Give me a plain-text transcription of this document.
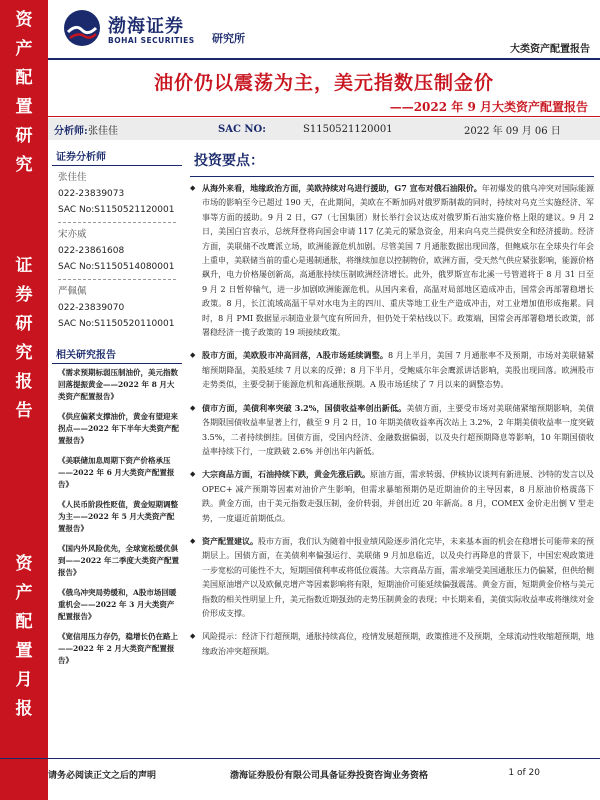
资
产
配
置
研
究
证
券
研
究
报
告
资
产
配
置
月
报
渤海证券
BOHAI SECURITIES 研究所
大类资产配置报告
油价仍以震荡为主，美元指数压制金价
——2022 年 9 月大类资产配置报告
分析师: 张佳佳	SAC NO:	S1150521120001	2022 年 09 月 06 日
证券分析师
张佳佳
022-23839073
SAC No:S1150521120001
宋亦威
022-23861608
SAC No:S1150514080001
严佩佩
022-23839070
SAC No:S1150520110001
相关研究报告
《需求预期标弱压制油价，美元指数回落提振黄金——2022 年 8 月大类资产配置报告》
《供应偏紧支撑油价，黄金有望迎来拐点——2022 年下半年大类资产配置报告》
《美联储加息周期下资产价格承压——2022 年 6 月大类资产配置报告》
《人民币阶段性贬值，黄金短期调整为主——2022 年 5 月大类资产配置报告》
《国内外风险优先，全球宽松缓优俱到——2022 年二季度大类资产配置报告》
《俄乌冲突局势缓和，A股市场回暖重机会——2022 年 3 月大类资产配置报告》
《宽信用压力存仍，稳增长仍在路上——2022 年 2 月大类资产配置报告》
投资要点：
◆ 从海外来看，地缘政治方面，美欧持续对乌进行援助，G7 宣布对俄石油限价。年初爆发的俄乌冲突对国际能源市场的影响至今已超过 190 天，在此期间，美欧在不断加码对俄罗斯制裁的同时，持续对乌克兰实施经济、军事等方面的援助。9 月 2 日，G7（七国集团）财长举行会议达成对俄罗斯石油实施价格上限的建议。9 月 2 日，美国白宫表示，总统拜登将向国会申请 117 亿美元的紧急资金，用来向乌克兰提供安全和经济援助。经济方面，美联储不改鹰派立场，欧洲能源危机加剧。尽管美国 7 月通胀数据出现回落，但鲍威尔在全球央行年会上重申，美联储当前的重心是遏制通胀，将继续加息以控制物价，欧洲方面，受天然气供应紧张影响，能源价格飙升，电力价格屡创新高，高通胀持续压制欧洲经济增长。此外，俄罗斯宣布北溪一号管道将于 8 月 31 日至 9 月 2 日暂停输气，进一步加剧欧洲能源危机。从国内来看，高温对局部地区造成冲击，国常会再部署稳增长政策。8 月，长江流域高温干旱对水电为主的四川、重庆等地工业生产造成冲击，对工业增加值形成拖累。同时，8 月 PMI 数据显示制造业景气度有所回升，但仍处于荣枯线以下。政策端，国常会再部署稳增长政策，部署稳经济一揽子政策的 19 项接续政策。
◆ 股市方面，美欧股市冲高回落，A股市场延续调整。8 月上半月，美国 7 月通胀率不及预期，市场对美联储紧缩预期降温，美股延续 7 月以来的反弹；8 月下半月，受鲍威尔年会鹰派讲话影响，美股出现回落。欧洲股市走势类似，主要受制于能源危机和高通胀预期。A 股市场延续了 7 月以来的调整态势。
◆ 债市方面，美债利率突破 3.2%，国债收益率创出新低。美债方面，主要受市场对美联储紧缩预期影响，美债各期限国债收益率显著上行，截至 9 月 2 日，10 年期美债收益率再次站上 3.2%，2 年期美债收益率一度突破 3.5%，二者持续倒挂。国债方面，受国内经济、金融数据偏弱，以及央行超预期降息等影响，10 年期国债收益率持续下行，一度跌破 2.6% 并创出年内新低。
◆ 大宗商品方面，石油持续下跌，黄金先涨后跌。原油方面，需求转弱、伊核协议谈判有新进展、沙特的发言以及 OPEC+ 减产预期等因素对油价产生影响，但需求暴缩预期仍是近期油价的主导因素，8 月原油价格震荡下跌。黄金方面，由于美元指数走强压制，金价转弱，并创出近 20 年新高。8 月，COMEX 金价走出倒 V 型走势，一度逼近前期低点。
◆ 资产配置建议。股市方面，我们认为随着中报业绩风险逐步消化完毕，未来基本面的机会在稳增长可能带来的预期层上。国债方面，在美债利率偏强运行、美联储 9 月加息临近，以及央行再降息的背景下，中国宏观政策进一步宽松的可能性不大，短期国债利率或将低位震荡。大宗商品方面，需求端受美国通胀压力仍偏紧，但供给侧美国原油增产以及欧佩克增产等因素影响将有限，短期油价可能延续偏强震荡。黄金方面，短期黄金价格与美元指数的相关性明显上升，美元指数近期强劲的走势压制黄金的表现；中长期来看，美债实际收益率或将继续对金价形成支撑。
◆ 风险提示：经济下行超预期，通胀持续高位，疫情发展超预期，政策推进不及预期，全球流动性收缩超预期，地缘政治冲突超预期。
请务必阅读正文之后的声明	渤海证券股份有限公司具备证券投资咨询业务资格	1 of 20
